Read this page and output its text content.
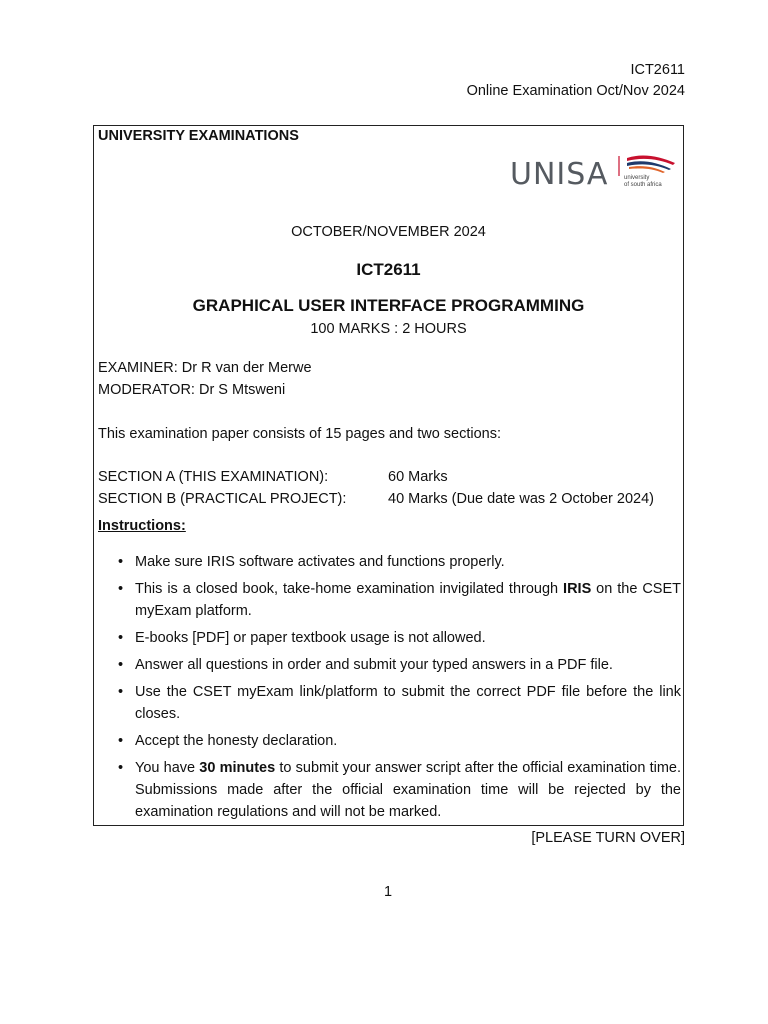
ICT2611
Online Examination Oct/Nov 2024
UNIVERSITY EXAMINATIONS
UNISA	university
of south africa
OCTOBER/NOVEMBER 2024
ICT2611
GRAPHICAL USER INTERFACE PROGRAMMING
100 MARKS : 2 HOURS
EXAMINER: Dr R van der Merwe
MODERATOR: Dr S Mtsweni
This examination paper consists of 15 pages and two sections:
SECTION A (THIS EXAMINATION):	60 Marks
SECTION B (PRACTICAL PROJECT):	40 Marks (Due date was 2 October 2024)
Instructions:
• Make sure IRIS software activates and functions properly.
• This is a closed book, take-home examination invigilated through IRIS on the CSET myExam platform.
• E-books [PDF] or paper textbook usage is not allowed.
• Answer all questions in order and submit your typed answers in a PDF file.
• Use the CSET myExam link/platform to submit the correct PDF file before the link closes.
• Accept the honesty declaration.
• You have 30 minutes to submit your answer script after the official examination time. Submissions made after the official examination time will be rejected by the examination regulations and will not be marked.
[PLEASE TURN OVER]
1
